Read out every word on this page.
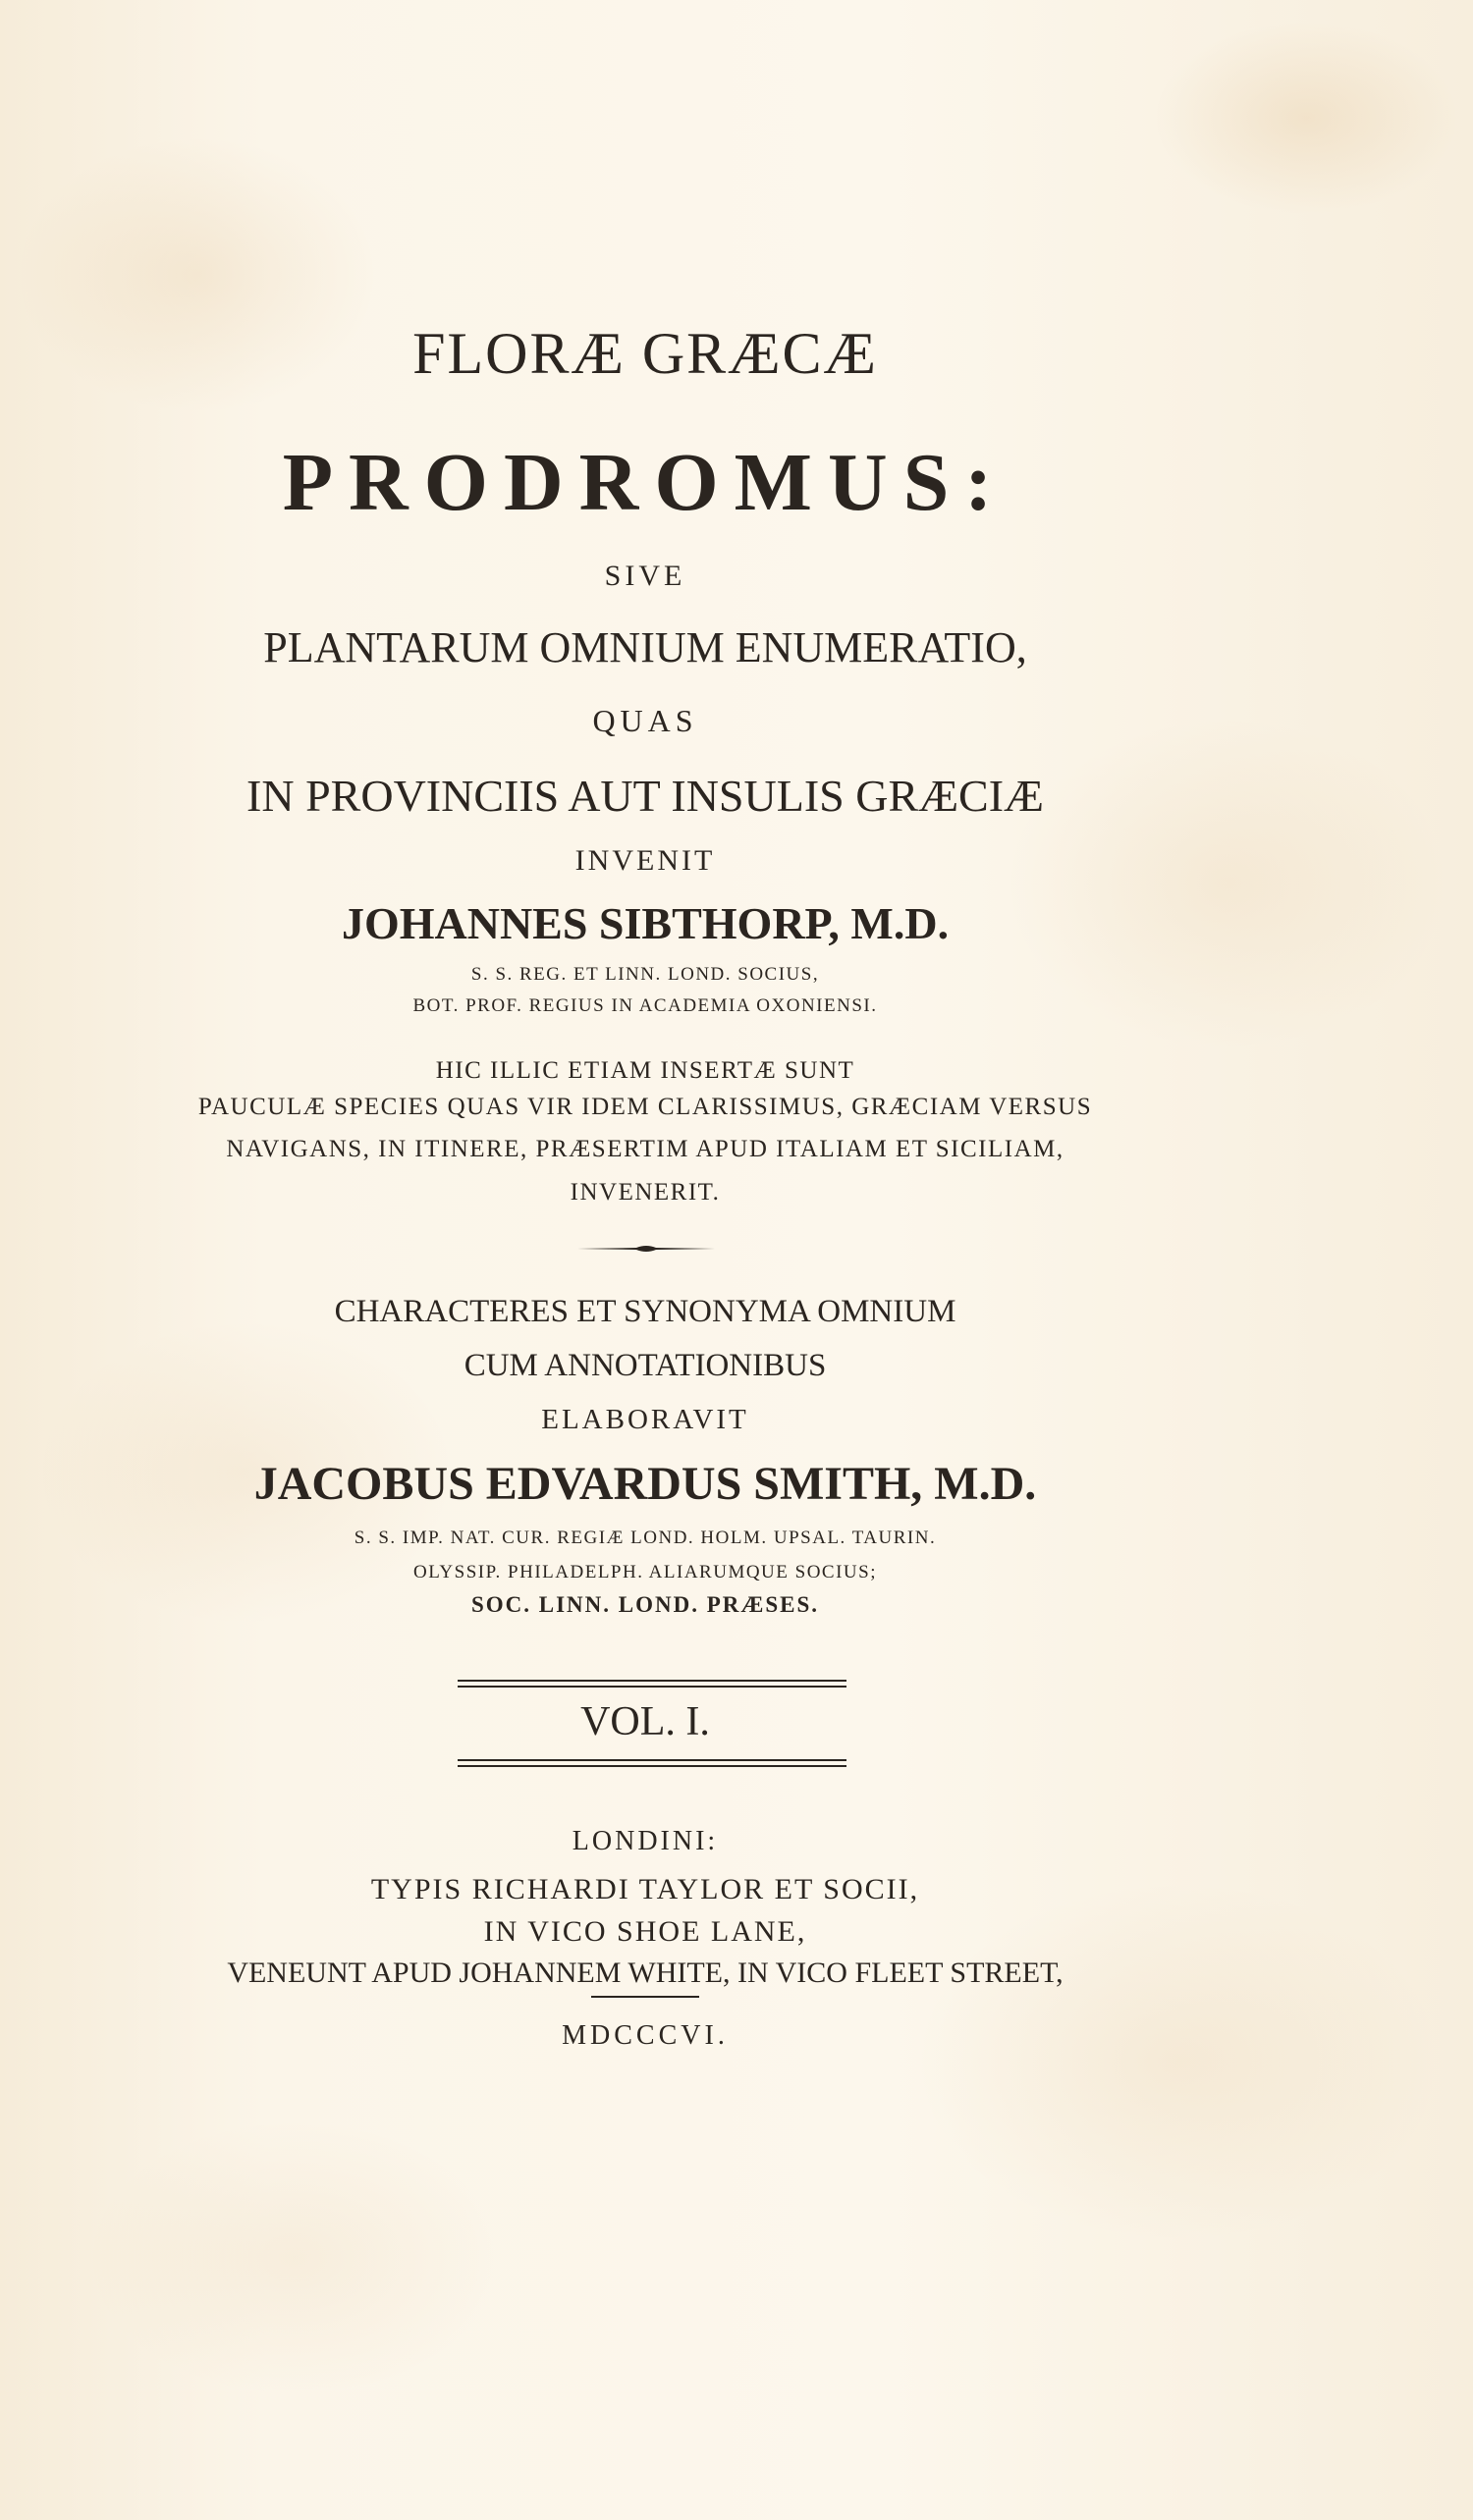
FLORÆ GRÆCÆ
PRODROMUS:
SIVE
PLANTARUM OMNIUM ENUMERATIO,
QUAS
IN PROVINCIIS AUT INSULIS GRÆCIÆ
INVENIT
JOHANNES SIBTHORP, M.D.
S. S. REG. ET LINN. LOND. SOCIUS,
BOT. PROF. REGIUS IN ACADEMIA OXONIENSI.
HIC ILLIC ETIAM INSERTÆ SUNT
PAUCULÆ SPECIES QUAS VIR IDEM CLARISSIMUS, GRÆCIAM VERSUS
NAVIGANS, IN ITINERE, PRÆSERTIM APUD ITALIAM ET SICILIAM,
INVENERIT.
CHARACTERES ET SYNONYMA OMNIUM
CUM ANNOTATIONIBUS
ELABORAVIT
JACOBUS EDVARDUS SMITH, M.D.
S. S. IMP. NAT. CUR. REGIÆ LOND. HOLM. UPSAL. TAURIN.
OLYSSIP. PHILADELPH. ALIARUMQUE SOCIUS;
SOC. LINN. LOND. PRÆSES.
VOL. I.
LONDINI:
TYPIS RICHARDI TAYLOR ET SOCII,
IN VICO SHOE LANE,
VENEUNT APUD JOHANNEM WHITE, IN VICO FLEET STREET,
MDCCCVI.
